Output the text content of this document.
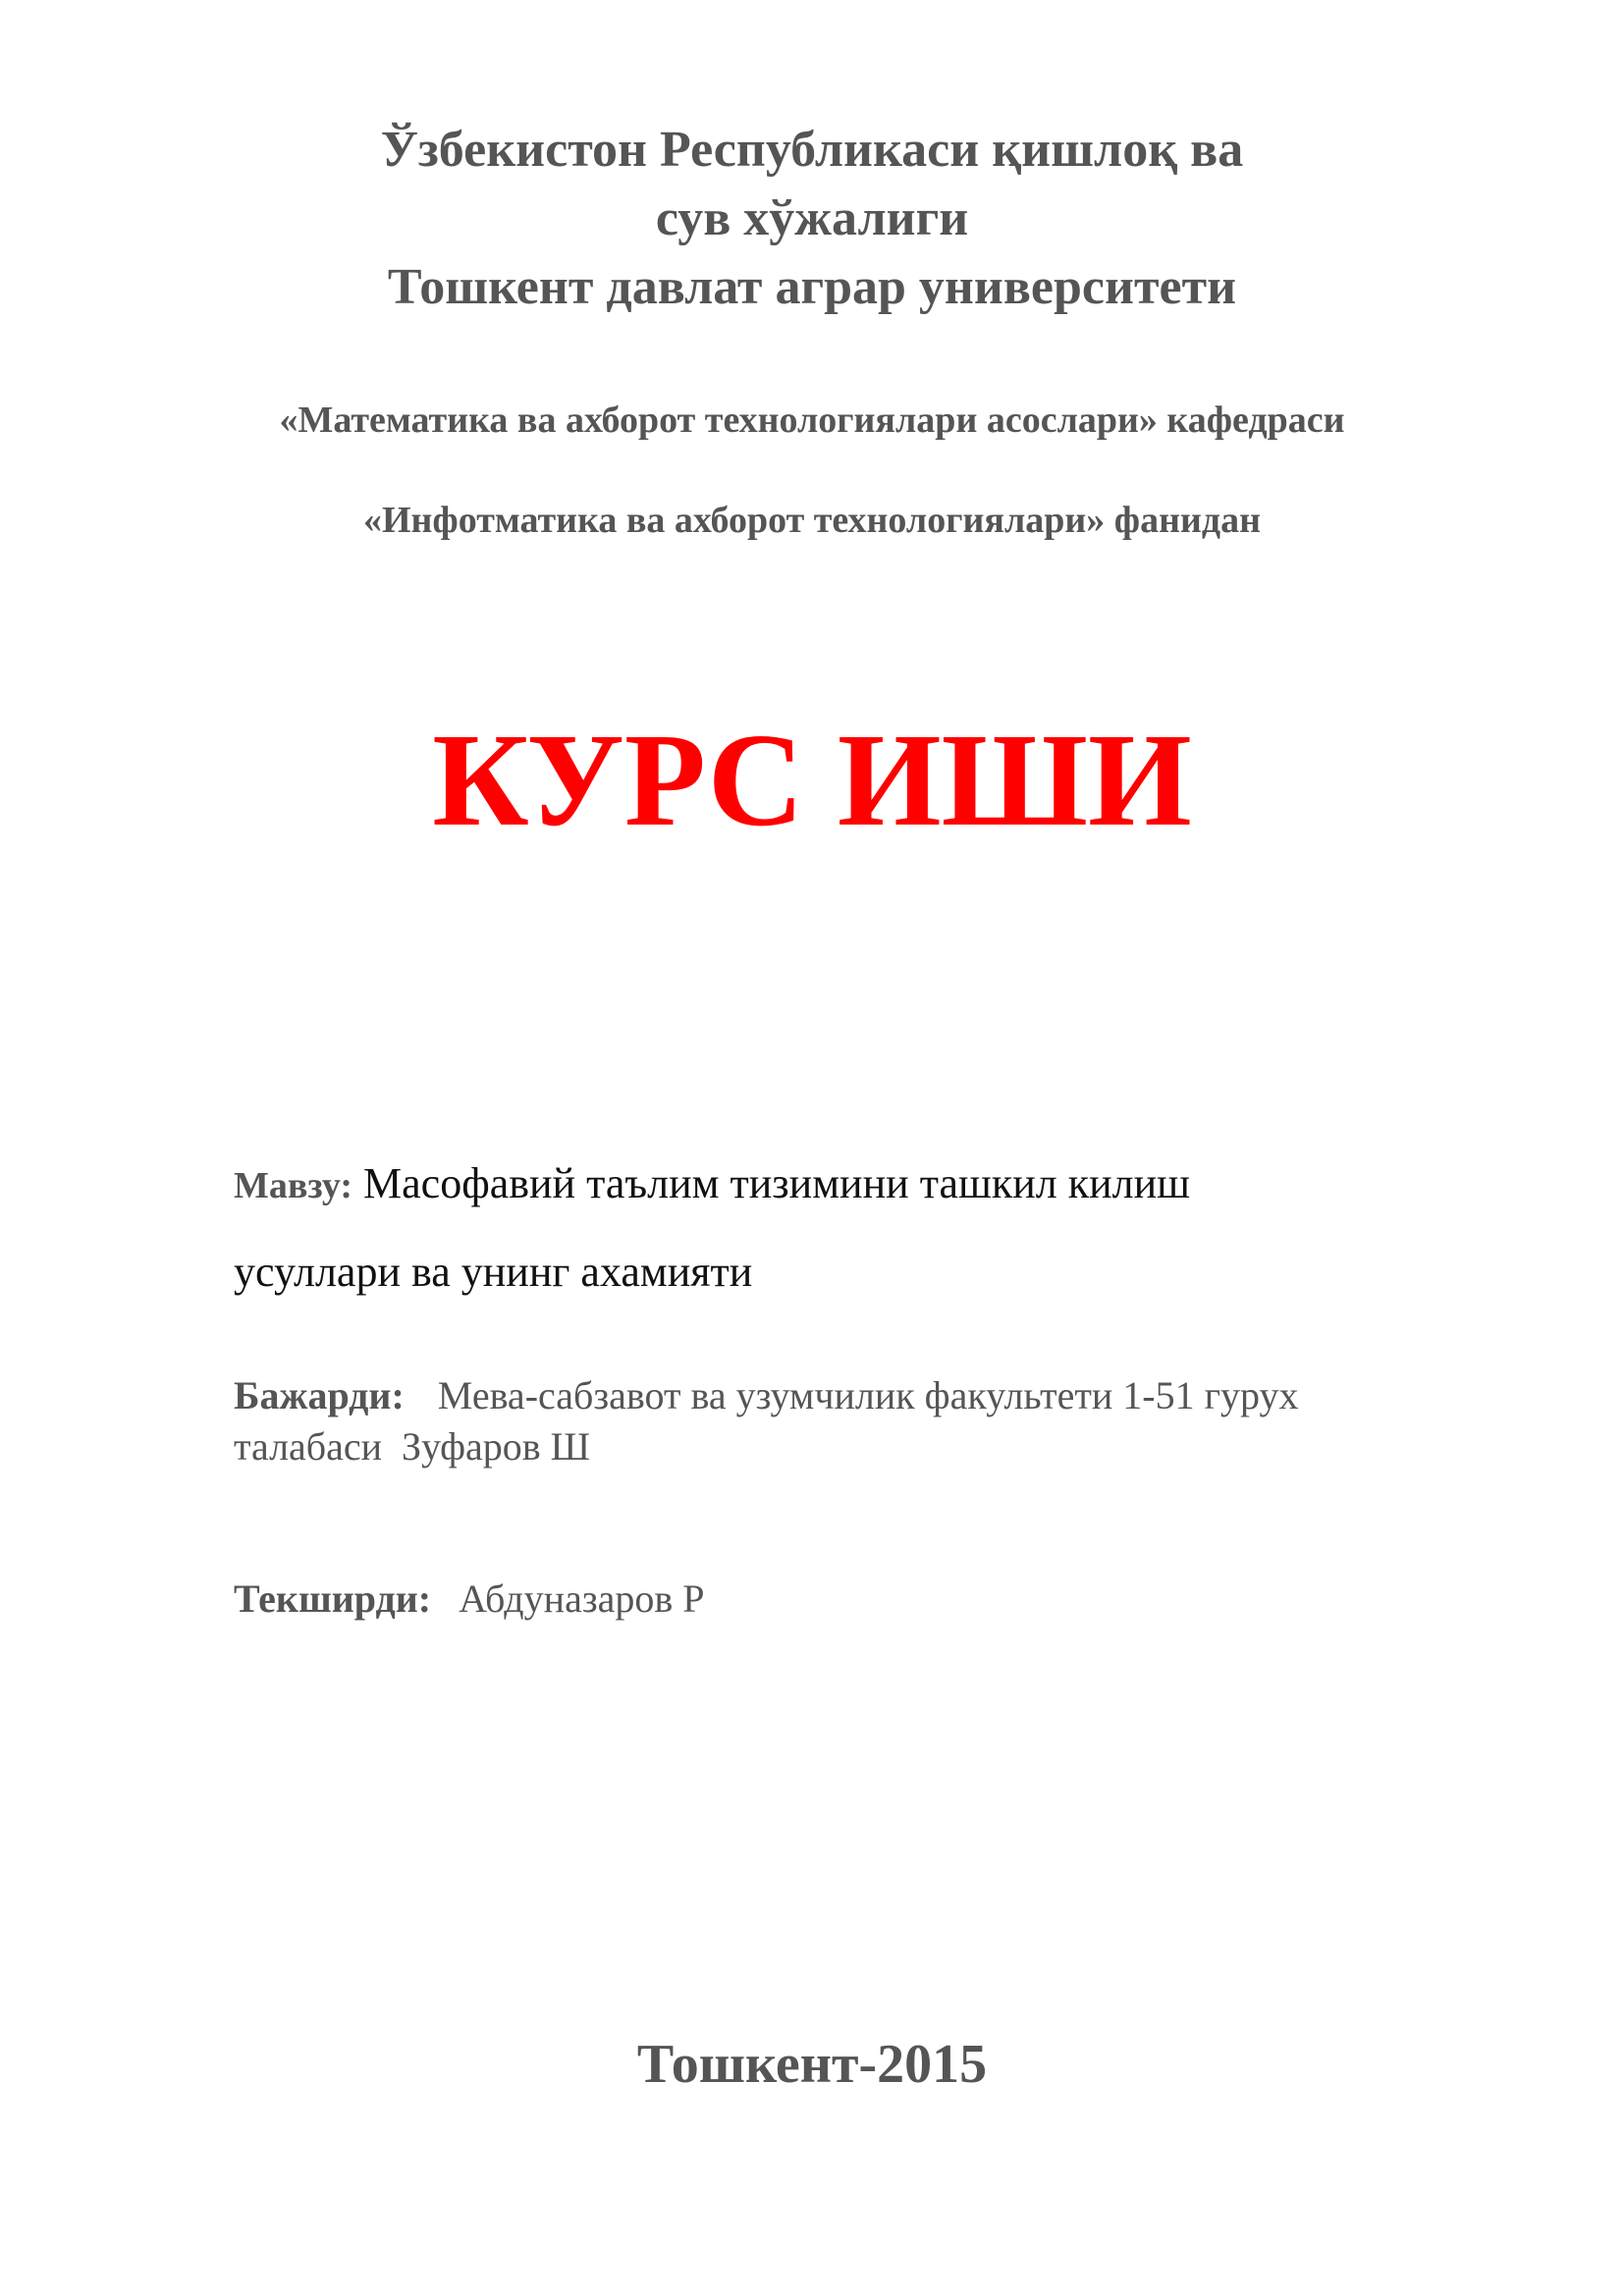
Ўзбекистон Республикаси қишлоқ ва
сув хўжалиги
Тошкент давлат аграр университети
«Математика ва ахборот технологиялари асослари» кафедраси
«Инфотматика ва ахборот технологиялари» фанидан
КУРС ИШИ
Мавзу: Масофавий таълим тизимини ташкил килиш
усуллари ва унинг ахамияти
Бажарди: Мева-сабзавот ва узумчилик факультети 1-51 гурух
талабаси  Зуфаров Ш
Текширди: Абдуназаров Р
Тошкент-2015
